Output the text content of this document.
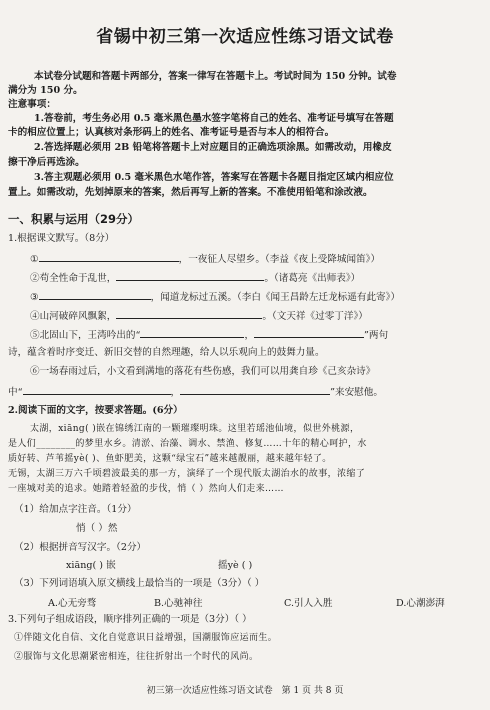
省锡中初三第一次适应性练习语文试卷
本试卷分试题和答题卡两部分，答案一律写在答题卡上。考试时间为 150 分钟。试卷
满分为 150 分。
注意事项：
1.答卷前，考生务必用 0.5 毫米黑色墨水签字笔将自己的姓名、准考证号填写在答题
卡的相应位置上；认真核对条形码上的姓名、准考证号是否与本人的相符合。
2.答选择题必须用 2B 铅笔将答题卡上对应题目的正确选项涂黑。如需改动，用橡皮
擦干净后再选涂。
3.答主观题必须用 0.5 毫米黑色水笔作答，答案写在答题卡各题目指定区域内相应位
置上。如需改动，先划掉原来的答案，然后再写上新的答案。不准使用铅笔和涂改液。
一、积累与运用（29分）
1.根据课文默写。（8分）
①	，一夜征人尽望乡。（李益《夜上受降城闻笛》）
②苟全性命于乱世，	。（诸葛亮《出师表》）
③	，闻道龙标过五溪。（李白《闻王昌龄左迁龙标遥有此寄》）
④山河破碎风飘絮，	。（文天祥《过零丁洋》）
⑤北固山下，王湾吟出的“	，	”两句
诗，蕴含着时序变迁、新旧交替的自然理趣，给人以乐观向上的鼓舞力量。
⑥一场春雨过后，小文看到满地的落花有些伤感，我们可以用龚自珍《己亥杂诗》
中“	，	”来安慰他。
2.阅读下面的文字，按要求答题。(6分）
太湖，xiāng( )嵌在锦绣江南的一颗璀璨明珠。这里若瑶池仙境，似世外桃源，
是人们________的梦里水乡。清淤、治藻、调水、禁渔、修复……十年的精心呵护，水
质好转、芦苇摇yè( )、鱼虾肥美，这颗“绿宝石”越来越靓丽，越来越年轻了。
无锡，太湖三万六千顷碧波最美的那一方，演绎了一个现代版太湖治水的故事，浓缩了
一座城对美的追求。她踏着轻盈的步伐，悄（ ）然向人们走来……
（1）给加点字注音。（1分）
悄（ ）然
（2）根据拼音写汉字。（2分）
xiāng( ) 嵌	摇yè ( )
（3）下列词语填入原文横线上最恰当的一项是（3分）（ ）
A.心无旁骛	B.心驰神往	C.引人入胜	D.心潮澎湃
3.下列句子组成语段，顺序排列正确的一项是（3分）（ ）
①伴随文化自信、文化自觉意识日益增强，国潮服饰应运而生。
②服饰与文化思潮紧密相连，往往折射出一个时代的风尚。
初三第一次适应性练习语文试卷　第 1 页 共 8 页
